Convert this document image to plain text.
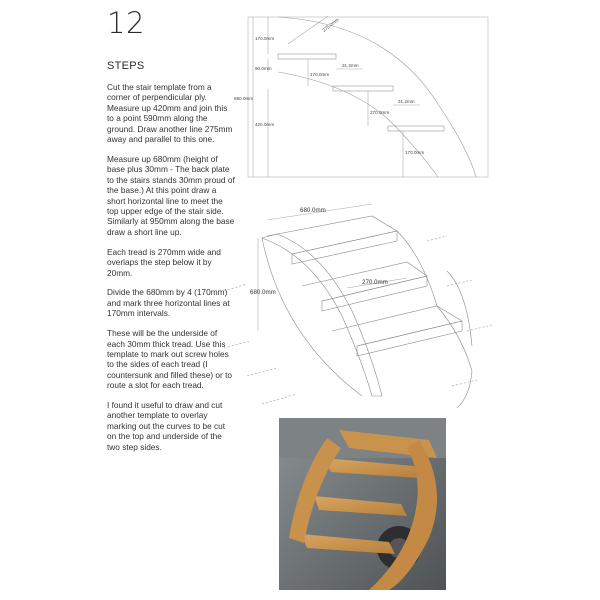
12
STEPS

Cut the stair template from a corner of perpendicular ply. Measure up 420mm and join this to a point 590mm along the ground. Draw another line 275mm away and parallel to this one.

Measure up 680mm (height of base plus 30mm - The back plate to the stairs stands 30mm proud of the base.) At this point draw a short horizontal line to meet the top upper edge of the stair side. Similarly at 950mm along the base draw a short line up.

Each tread is 270mm wide and overlaps the step below it by 20mm.

Divide the 680mm by 4 (170mm) and mark three horizontal lines at 170mm intervals.

These will be the underside of each 30mm thick tread. Use this template to mark out screw holes to the sides of each tread (I countersunk and filled these) or to route a slot for each tread.

I found it useful to draw and cut another template to overlay marking out the curves to be cut on the top and underside of the two step sides.

170.0mm
90.0mm
680.0mm
420.0mm
170.0mm
31.2mm
31.2mm
270.0mm
170.0mm
275.0mm
680.0mm
680.0mm
270.0mm
